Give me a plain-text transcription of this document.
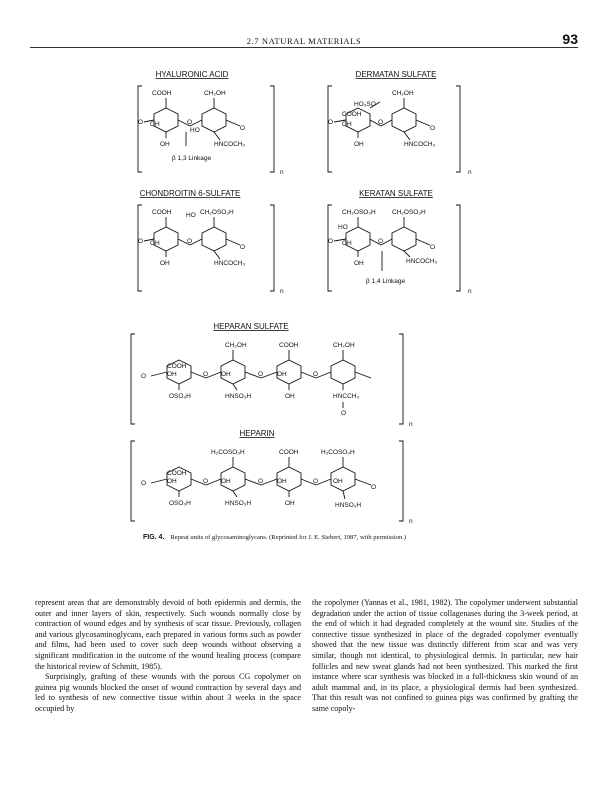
2.7 NATURAL MATERIALS	93
HYALURONIC ACID
COOH	CH₂OH
OH
OH
HO
HNCOCH₃
O	O
O
β 1,3 Linkage
n
DERMATAN SULFATE
HO₃SO
CH₂OH
COOH
OH
OH	HNCOCH₃
O	O
O
n
CHONDROITIN 6-SULFATE
COOH HO CH₂OSO₃H
OH
OH	HNCOCH₃
O	O
O
n
KERATAN SULFATE
CH₂OSO₃H	CH₂OSO₃H
HO
OH
OH	HNCOCH₃
O	O
O
β 1,4 Linkage
n
HEPARAN SULFATE
CH₂OH	COOH	CH₂OH
COOH
OH	OH	OH
OSO₃H	HNSO₃H	OH	HNCCH₃
O	O	O	O
O
n
HEPARIN
H₂COSO₃H	COOH	H₂COSO₃H
COOH
OH	OH	OH	OH
OSO₃H	HNSO₃H	OH	HNSO₃H
O	O	O	O
O
n
FIG. 4. Repeat units of glycosaminoglycans. (Reprinted for J. E. Siebert, 1987, with permission.)

represent areas that are demonstrably devoid of both epidermis and dermis, the outer and inner layers of skin, respectively. Such wounds normally close by contraction of wound edges and by synthesis of scar tissue. Previously, collagen and various glycosaminoglycans, each prepared in various forms such as powder and films, had been used to cover such deep wounds without observing a significant modification in the outcome of the wound healing process (compare the historical review of Schmitt, 1985).

Surprisingly, grafting of these wounds with the porous CG copolymer on guinea pig wounds blocked the onset of wound contraction by several days and led to synthesis of new connective tissue within about 3 weeks in the space occupied by

the copolymer (Yannas et al., 1981, 1982). The copolymer underwent substantial degradation under the action of tissue collagenases during the 3-week period, at the end of which it had degraded completely at the wound site. Studies of the connective tissue synthesized in place of the degraded copolymer eventually showed that the new tissue was distinctly different from scar and was very similar, though not identical, to physiological dermis. In particular, new hair follicles and new sweat glands had not been synthesized. This marked the first instance where scar synthesis was blocked in a full-thickness skin wound of an adult mammal and, in its place, a physiological dermis had been synthesized. That this result was not confined to guinea pigs was confirmed by grafting the same copoly-
